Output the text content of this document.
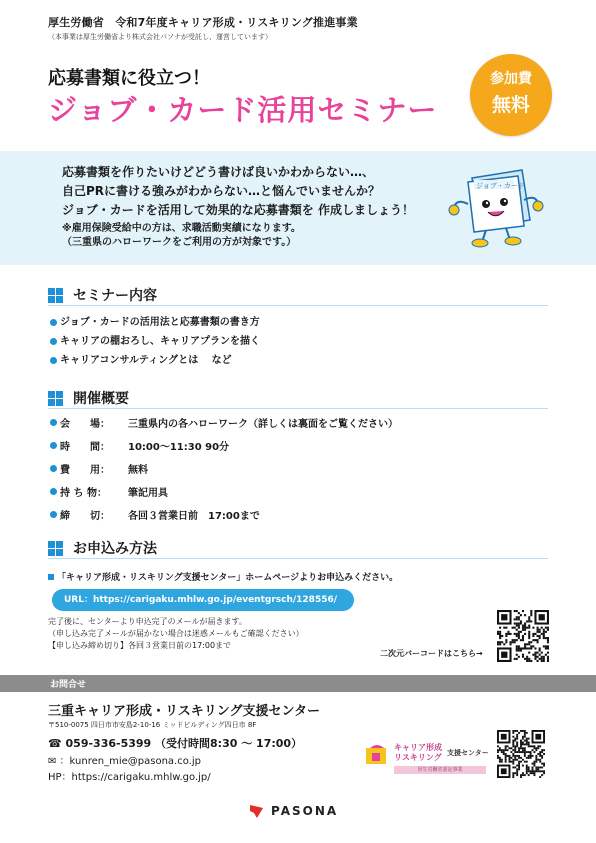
厚生労働省　令和7年度キャリア形成・リスキリング推進事業
（本事業は厚生労働省より株式会社パソナが受託し、運営しています）
応募書類に役立つ！
ジョブ・カード活用セミナー
参加費
無料
応募書類を作りたいけどどう書けば良いかわからない…、
自己PRに書ける強みがわからない…と悩んでいませんか？
ジョブ・カードを活用して効果的な応募書類を 作成しましょう！
※雇用保険受給中の方は、求職活動実績になります。
（三重県のハローワークをご利用の方が対象です。）
ジョブ・カード
セミナー内容
ジョブ・カードの活用法と応募書類の書き方
キャリアの棚おろし、キャリアプランを描く
キャリアコンサルティングとは　 など
開催概要
会　　場：	三重県内の各ハローワーク（詳しくは裏面をご覧ください）
時　　間：	10:00～11:30 90分
費　　用：	無料
持 ち 物：	筆記用具
締　　切：	各回３営業日前　17:00まで
お申込み方法
「キャリア形成・リスキリング支援センター」ホームページよりお申込みください。
URL：https://carigaku.mhlw.go.jp/eventgrsch/128556/
完了後に、センターより申込完了のメールが届きます。
（申し込み完了メールが届かない場合は迷惑メールもご確認ください）
【申し込み締め切り】各回３営業日前の17:00まで
二次元バーコードはこちら→
お問合せ
三重キャリア形成・リスキリング支援センター
〒510-0075 四日市市安島2-10-16 ミッドビルディング四日市 8F
☎ 059-336-5399 （受付時間8:30 ～ 17:00）
✉ ：kunren_mie@pasona.co.jp
HP：https://carigaku.mhlw.go.jp/
キャリア形成
リスキリング 支援センター
厚生労働省委託事業
PASONA
